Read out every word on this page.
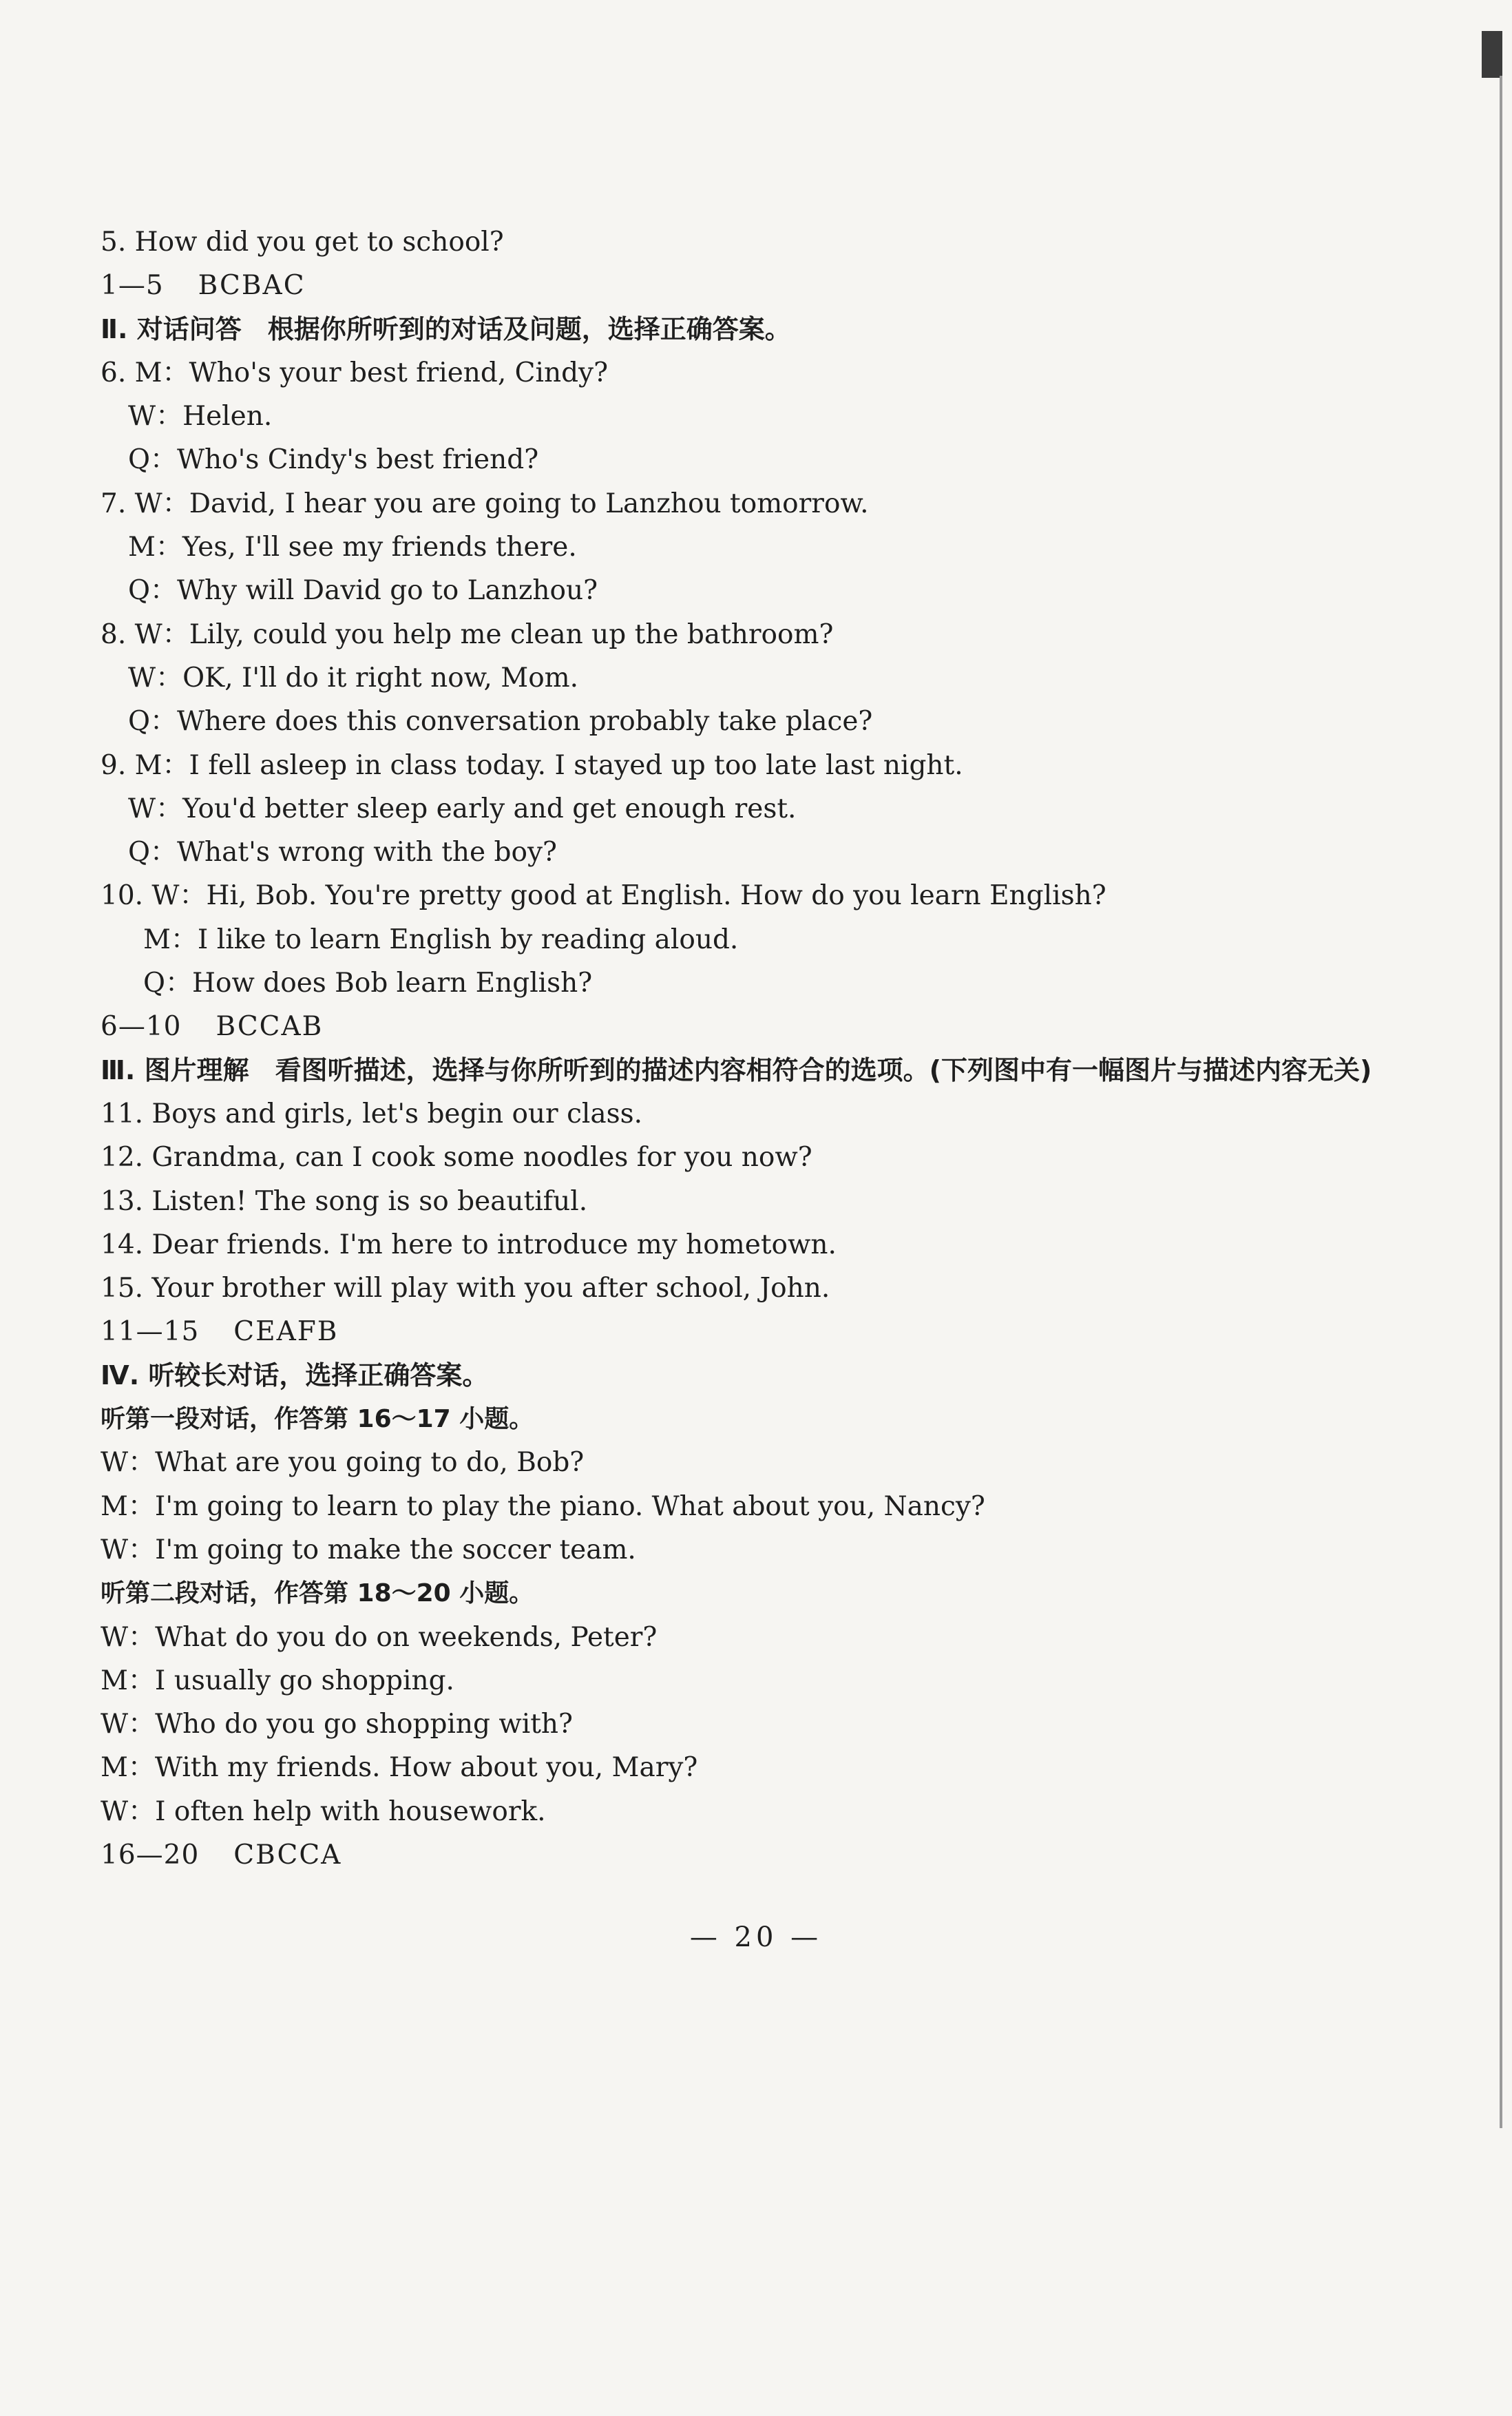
5. How did you get to school?
1—5 BCBAC
Ⅱ. 对话问答　根据你所听到的对话及问题，选择正确答案。
6. M：Who's your best friend, Cindy?
W：Helen.
Q：Who's Cindy's best friend?
7. W：David, I hear you are going to Lanzhou tomorrow.
M：Yes, I'll see my friends there.
Q：Why will David go to Lanzhou?
8. W：Lily, could you help me clean up the bathroom?
W：OK, I'll do it right now, Mom.
Q：Where does this conversation probably take place?
9. M：I fell asleep in class today. I stayed up too late last night.
W：You'd better sleep early and get enough rest.
Q：What's wrong with the boy?
10. W：Hi, Bob. You're pretty good at English. How do you learn English?
M：I like to learn English by reading aloud.
Q：How does Bob learn English?
6—10 BCCAB
Ⅲ. 图片理解　看图听描述，选择与你所听到的描述内容相符合的选项。(下列图中有一幅图片与描述内容无关)
11. Boys and girls, let's begin our class.
12. Grandma, can I cook some noodles for you now?
13. Listen! The song is so beautiful.
14. Dear friends. I'm here to introduce my hometown.
15. Your brother will play with you after school, John.
11—15 CEAFB
Ⅳ. 听较长对话，选择正确答案。
听第一段对话，作答第 16～17 小题。
W：What are you going to do, Bob?
M：I'm going to learn to play the piano. What about you, Nancy?
W：I'm going to make the soccer team.
听第二段对话，作答第 18～20 小题。
W：What do you do on weekends, Peter?
M：I usually go shopping.
W：Who do you go shopping with?
M：With my friends. How about you, Mary?
W：I often help with housework.
16—20 CBCCA
— 20 —
